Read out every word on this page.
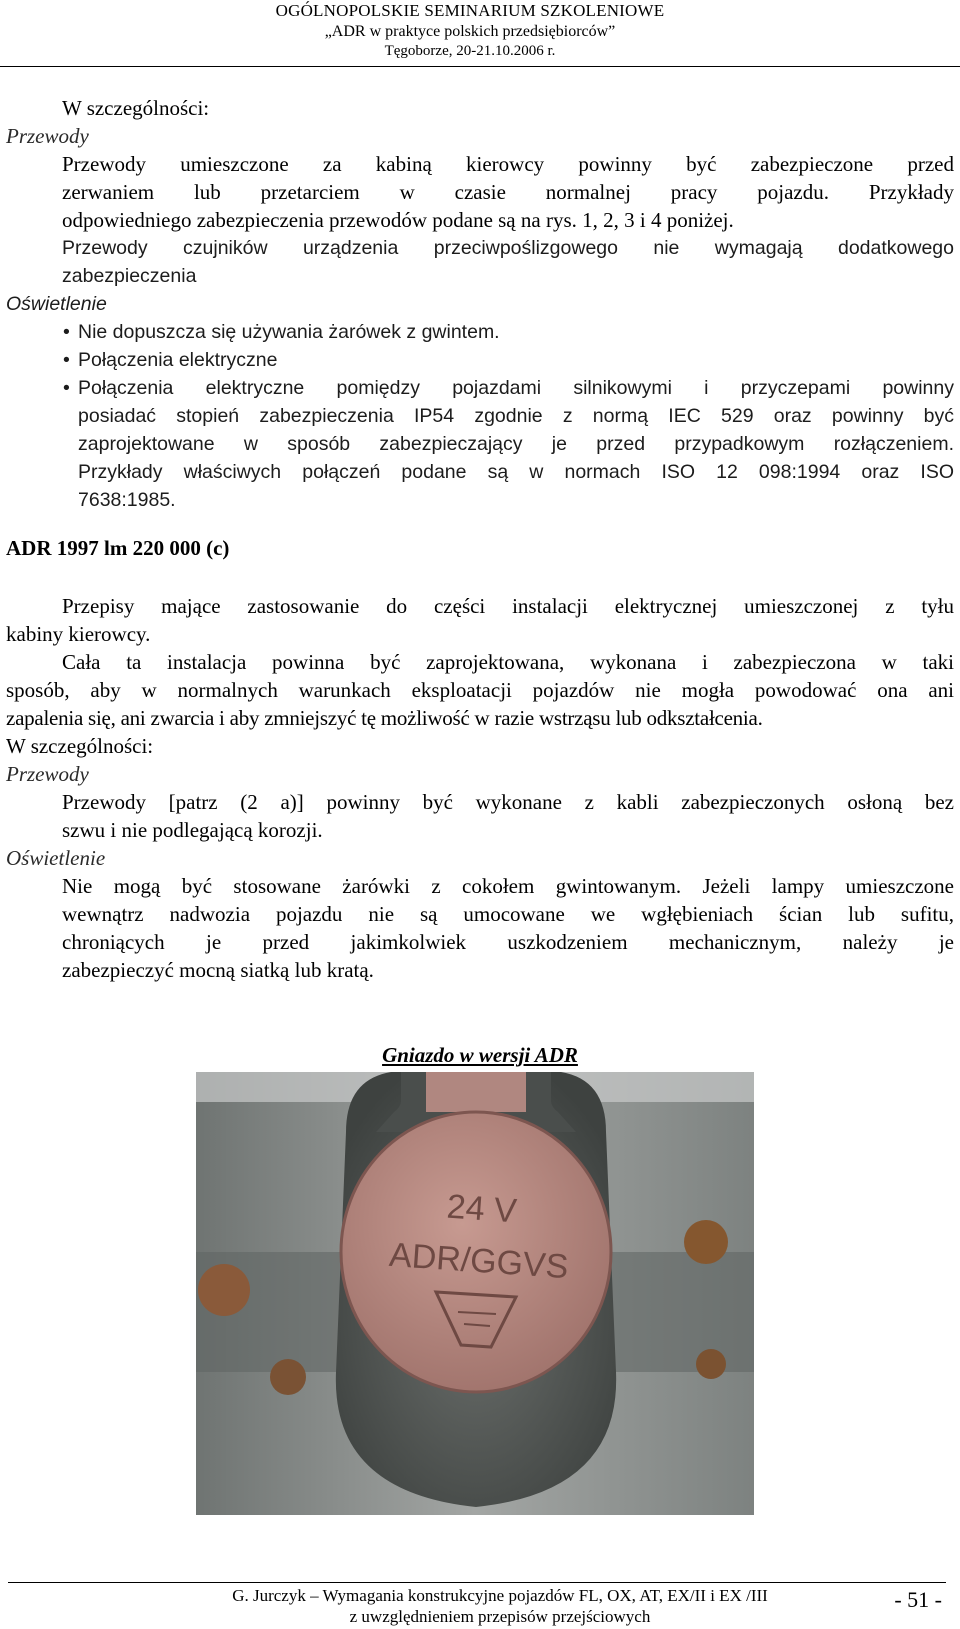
OGÓLNOPOLSKIE SEMINARIUM SZKOLENIOWE
„ADR w praktyce polskich przedsiębiorców”
Tęgoborze, 20-21.10.2006 r.
W szczególności:
Przewody
Przewody umieszczone za kabiną kierowcy powinny być zabezpieczone przed
zerwaniem lub przetarciem w czasie normalnej pracy pojazdu. Przykłady
odpowiedniego zabezpieczenia przewodów podane są na rys. 1, 2, 3 i 4 poniżej.
Przewody czujników urządzenia przeciwpoślizgowego nie wymagają dodatkowego
zabezpieczenia
Oświetlenie
• Nie dopuszcza się używania żarówek z gwintem.
• Połączenia elektryczne
• Połączenia elektryczne pomiędzy pojazdami silnikowymi i przyczepami powinny
posiadać stopień zabezpieczenia IP54 zgodnie z normą IEC 529 oraz powinny być
zaprojektowane w sposób zabezpieczający je przed przypadkowym rozłączeniem.
Przykłady właściwych połączeń podane są w normach ISO 12 098:1994 oraz ISO
7638:1985.
ADR 1997 lm 220 000 (c)
Przepisy mające zastosowanie do części instalacji elektrycznej umieszczonej z tyłu
kabiny kierowcy.
Cała ta instalacja powinna być zaprojektowana, wykonana i zabezpieczona w taki
sposób, aby w normalnych warunkach eksploatacji pojazdów nie mogła powodować ona ani
zapalenia się, ani zwarcia i aby zmniejszyć tę możliwość w razie wstrząsu lub odkształcenia.
W szczególności:
Przewody
Przewody [patrz (2 a)] powinny być wykonane z kabli zabezpieczonych osłoną bez
szwu i nie podlegającą korozji.
Oświetlenie
Nie mogą być stosowane żarówki z cokołem gwintowanym. Jeżeli lampy umieszczone
wewnątrz nadwozia pojazdu nie są umocowane we wgłębieniach ścian lub sufitu,
chroniących je przed jakimkolwiek uszkodzeniem mechanicznym, należy je
zabezpieczyć mocną siatką lub kratą.
Gniazdo w wersji ADR
24 V
ADR/GGVS
G. Jurczyk – Wymagania konstrukcyjne pojazdów FL, OX, AT, EX/II i EX /III
z uwzględnieniem przepisów przejściowych
- 51 -
